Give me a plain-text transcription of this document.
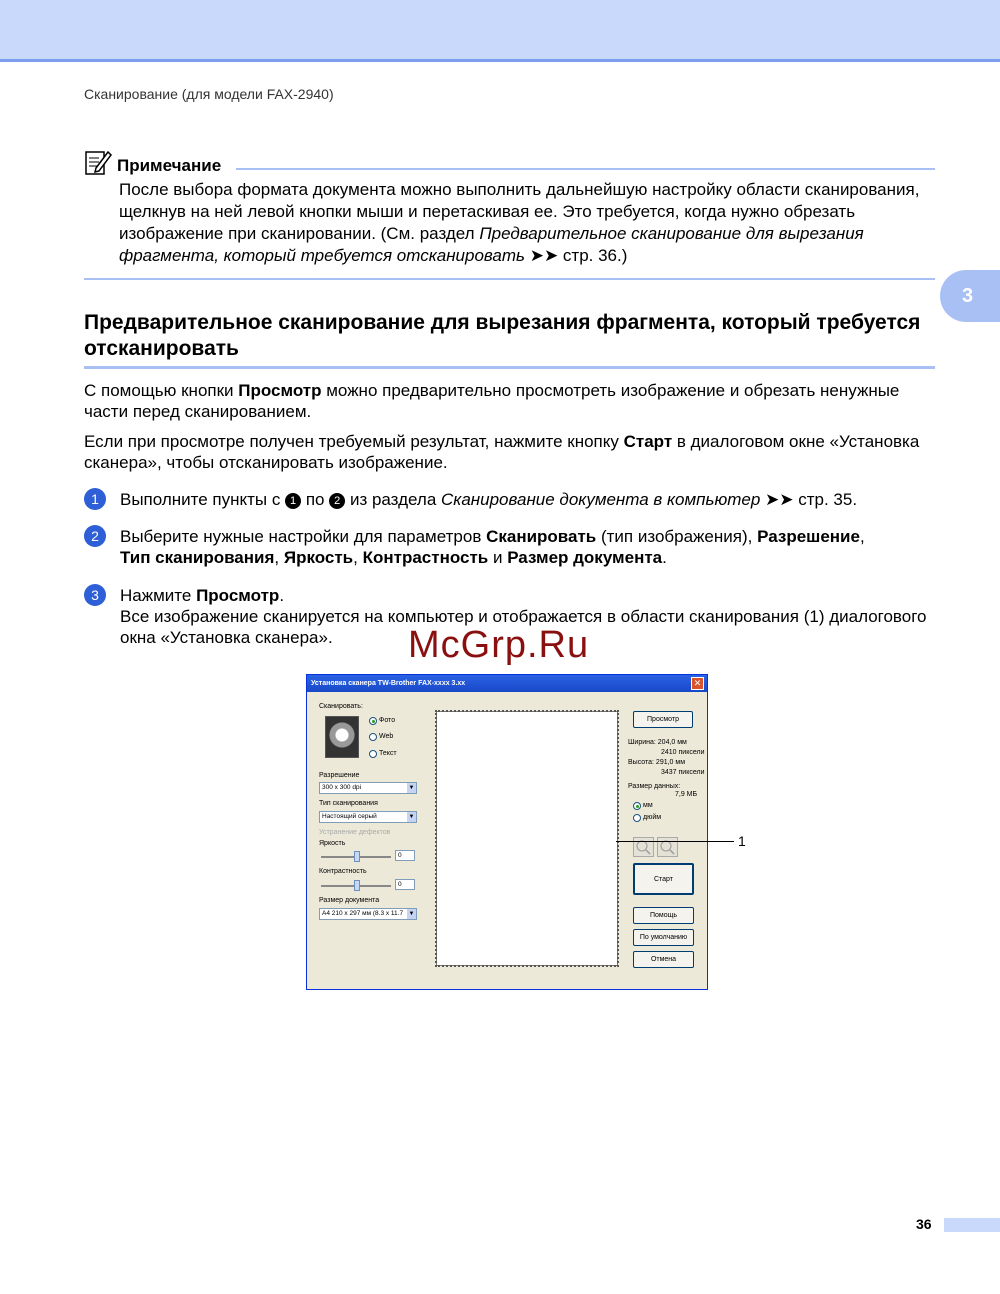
Сканирование (для модели FAX-2940)
3
Примечание
После выбора формата документа можно выполнить дальнейшую настройку области сканирования, щелкнув на ней левой кнопки мыши и перетаскивая ее. Это требуется, когда нужно обрезать изображение при сканировании. (См. раздел Предварительное сканирование для вырезания фрагмента, который требуется отсканировать ➤➤ стр. 36.)
Предварительное сканирование для вырезания фрагмента, который требуется отсканировать
С помощью кнопки Просмотр можно предварительно просмотреть изображение и обрезать ненужные части перед сканированием.
Если при просмотре получен требуемый результат, нажмите кнопку Старт в диалоговом окне «Установка сканера», чтобы отсканировать изображение.
1	Выполните пункты с 1 по 2 из раздела Сканирование документа в компьютер ➤➤ стр. 35.
2	Выберите нужные настройки для параметров Сканировать (тип изображения), Разрешение,
Тип сканирования, Яркость, Контрастность и Размер документа.
3	Нажмите Просмотр.
Все изображение сканируется на компьютер и отображается в области сканирования (1) диалогового окна «Установка сканера».
Установка сканера TW-Brother FAX-xxxx 3.xx	✕
Сканировать:
Фото
Web
Текст
Разрешение
300 x 300 dpi	▼
Тип сканирования
Настоящий серый	▼
Устранение дефектов
Яркость
0
Контрастность
0
Размер документа
A4 210 x 297 мм (8.3 x 11.7 ▼
Просмотр
Ширина: 204,0 мм
2410 пиксели
Высота: 291,0 мм
3437 пиксели
Размер данных:
7,9 МБ
мм
дюйм
Старт
Помощь
По умолчанию
Отмена
1
McGrp.Ru
36
